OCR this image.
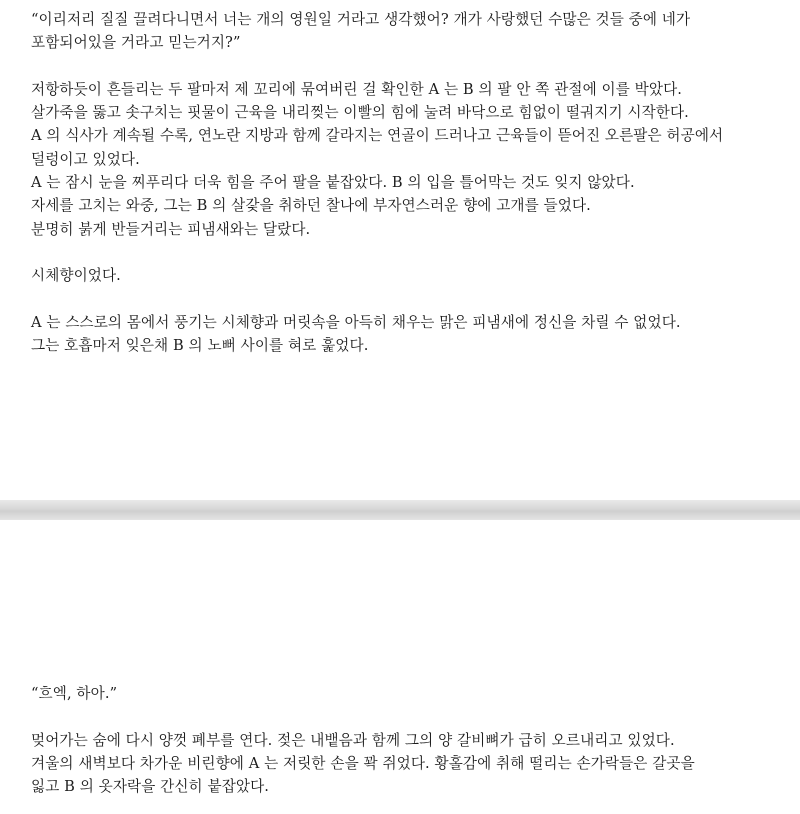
“이리저리 질질 끌려다니면서 너는 개의 영원일 거라고 생각했어? 개가 사랑했던 수많은 것들 중에 네가
포함되어있을 거라고 믿는거지?”
저항하듯이 흔들리는 두 팔마저 제 꼬리에 묶여버린 걸 확인한 A 는 B 의 팔 안 쪽 관절에 이를 박았다.
살가죽을 뚫고 솟구치는 핏물이 근육을 내리찢는 이빨의 힘에 눌려 바닥으로 힘없이 떨궈지기 시작한다.
A 의 식사가 계속될 수록, 연노란 지방과 함께 갈라지는 연골이 드러나고 근육들이 뜯어진 오른팔은 허공에서
덜렁이고 있었다.
A 는 잠시 눈을 찌푸리다 더욱 힘을 주어 팔을 붙잡았다. B 의 입을 틀어막는 것도 잊지 않았다.
자세를 고치는 와중, 그는 B 의 살갗을 취하던 찰나에 부자연스러운 향에 고개를 들었다.
분명히 붉게 반들거리는 피냄새와는 달랐다.
시체향이었다.
A 는 스스로의 몸에서 풍기는 시체향과 머릿속을 아득히 채우는 맑은 피냄새에 정신을 차릴 수 없었다.
그는 호흡마저 잊은채 B 의 노뻐 사이를 혀로 훑었다.
“흐엑, 하아.”
멎어가는 숨에 다시 양껏 폐부를 연다. 젖은 내뱉음과 함께 그의 양 갈비뼈가 급히 오르내리고 있었다.
겨울의 새벽보다 차가운 비린향에 A 는 저릿한 손을 꽉 쥐었다. 황홀감에 취해 떨리는 손가락들은 갈곳을
잃고 B 의 옷자락을 간신히 붙잡았다.
